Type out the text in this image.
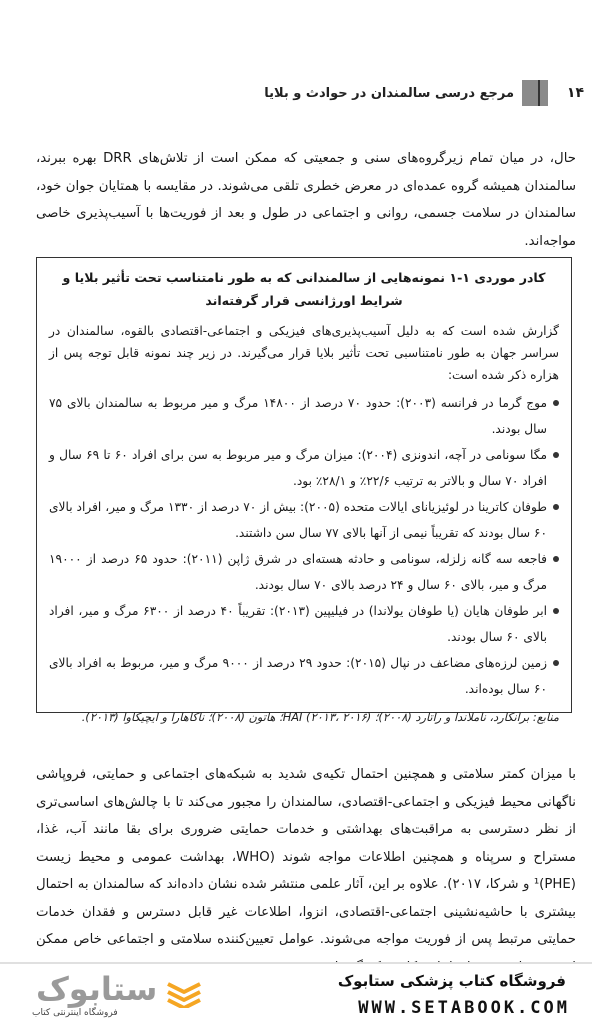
مرجع درسی سالمندان در حوادث و بلایا	۱۴

حال، در میان تمام زیرگروه‌های سنی و جمعیتی که ممکن است از تلاش‌های DRR بهره ببرند، سالمندان همیشه گروه عمده‌ای در معرض خطری تلقی می‌شوند. در مقایسه با همتایان جوان خود، سالمندان در سلامت جسمی، روانی و اجتماعی در طول و بعد از فوریت‌ها با آسیب‌پذیری خاصی مواجه‌اند.

کادر موردی ۱-۱ نمونه‌هایی از سالمندانی که به طور نامتناسب تحت تأثیر بلایا و شرایط اورژانسی قرار گرفته‌اند
گزارش شده است که به دلیل آسیب‌پذیری‌های فیزیکی و اجتماعی-اقتصادی بالقوه، سالمندان در سراسر جهان به طور نامتناسبی تحت تأثیر بلایا قرار می‌گیرند. در زیر چند نمونه قابل توجه پس از هزاره ذکر شده است:
موج گرما در فرانسه (۲۰۰۳): حدود ۷۰ درصد از ۱۴۸۰۰ مرگ و میر مربوط به سالمندان بالای ۷۵ سال بودند.
مگا سونامی در آچه، اندونزی (۲۰۰۴): میزان مرگ و میر مربوط به سن برای افراد ۶۰ تا ۶۹ سال و افراد ۷۰ سال و بالاتر به ترتیب ۲۲/۶٪ و ۲۸/۱٪ بود.
طوفان کاترینا در لوئیزیانای ایالات متحده (۲۰۰۵): بیش از ۷۰ درصد از ۱۳۳۰ مرگ و میر، افراد بالای ۶۰ سال بودند که تقریباً نیمی از آنها بالای ۷۷ سال سن داشتند.
فاجعه سه گانه زلزله، سونامی و حادثه هسته‌ای در شرق ژاپن (۲۰۱۱): حدود ۶۵ درصد از ۱۹۰۰۰ مرگ و میر، بالای ۶۰ سال و ۲۴ درصد بالای ۷۰ سال بودند.
ابر طوفان هایان (یا طوفان یولاندا) در فیلیپین (۲۰۱۳): تقریباً ۴۰ درصد از ۶۳۰۰ مرگ و میر، افراد بالای ۶۰ سال بودند.
زمین لرزه‌های مضاعف در نپال (۲۰۱۵): حدود ۲۹ درصد از ۹۰۰۰ مرگ و میر، مربوط به افراد بالای ۶۰ سال بوده‌اند.
منابع: برانکارد، ناملاندا و راتارد (۲۰۰۸)؛ HAI (۲۰۱۳، ۲۰۱۶)؛ هاتون (۲۰۰۸)؛ ناکاهارا و ایچیکاوا (۲۰۱۳).

با میزان کمتر سلامتی و همچنین احتمال تکیه‌ی شدید به شبکه‌های اجتماعی و حمایتی، فروپاشی ناگهانی محیط فیزیکی و اجتماعی-اقتصادی، سالمندان را مجبور می‌کند تا با چالش‌های اساسی‌تری از نظر دسترسی به مراقبت‌های بهداشتی و خدمات حمایتی ضروری برای بقا مانند آب، غذا، مستراح و سرپناه و همچنین اطلاعات مواجه شوند (WHO، بهداشت عمومی و محیط زیست (PHE)¹ و شرکا، ۲۰۱۷). علاوه بر این، آثار علمی منتشر شده نشان داده‌اند که سالمندان به احتمال بیشتری با حاشیه‌نشینی اجتماعی-اقتصادی، انزوا، اطلاعات غیر قابل دسترس و فقدان خدمات حمایتی مرتبط پس از فوریت مواجه می‌شوند. عوامل تعیین‌کننده سلامتی و اجتماعی خاص ممکن

فروشگاه کتاب پزشکی ستابوک
WWW.SETABOOK.COM
ستابوک
فروشگاه اینترنتی کتاب
